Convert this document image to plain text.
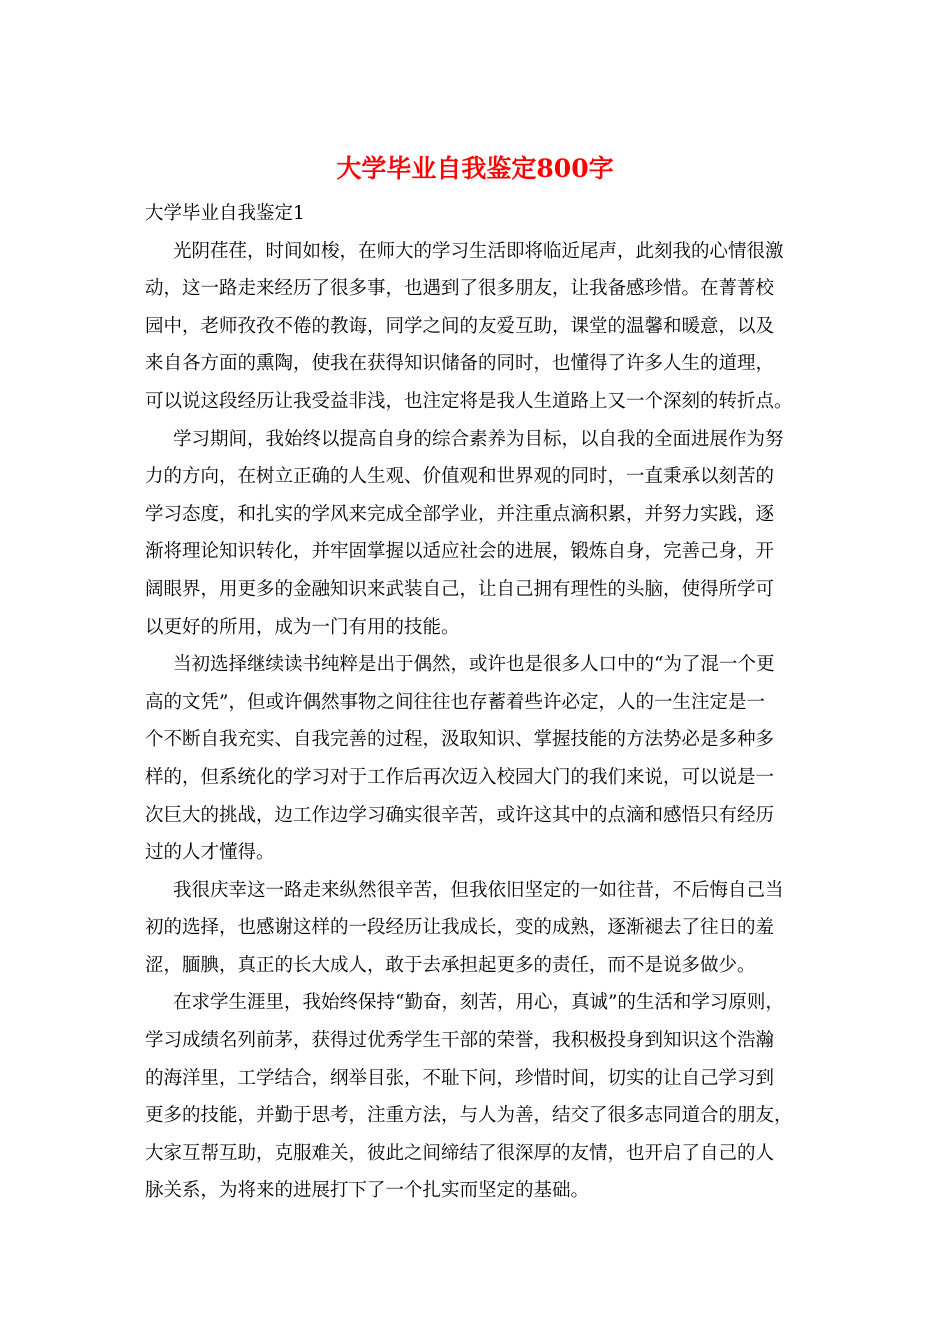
大学毕业自我鉴定800字
大学毕业自我鉴定1
光阴荏荏，时间如梭，在师大的学习生活即将临近尾声，此刻我的心情很激
动，这一路走来经历了很多事，也遇到了很多朋友，让我备感珍惜。在菁菁校
园中，老师孜孜不倦的教诲，同学之间的友爱互助，课堂的温馨和暖意，以及
来自各方面的熏陶，使我在获得知识储备的同时，也懂得了许多人生的道理，
可以说这段经历让我受益非浅，也注定将是我人生道路上又一个深刻的转折点。
学习期间，我始终以提高自身的综合素养为目标，以自我的全面进展作为努
力的方向，在树立正确的人生观、价值观和世界观的同时，一直秉承以刻苦的
学习态度，和扎实的学风来完成全部学业，并注重点滴积累，并努力实践，逐
渐将理论知识转化，并牢固掌握以适应社会的进展，锻炼自身，完善己身，开
阔眼界，用更多的金融知识来武装自己，让自己拥有理性的头脑，使得所学可
以更好的所用，成为一门有用的技能。
当初选择继续读书纯粹是出于偶然，或许也是很多人口中的“为了混一个更
高的文凭”，但或许偶然事物之间往往也存蓄着些许必定，人的一生注定是一
个不断自我充实、自我完善的过程，汲取知识、掌握技能的方法势必是多种多
样的，但系统化的学习对于工作后再次迈入校园大门的我们来说，可以说是一
次巨大的挑战，边工作边学习确实很辛苦，或许这其中的点滴和感悟只有经历
过的人才懂得。
我很庆幸这一路走来纵然很辛苦，但我依旧坚定的一如往昔，不后悔自己当
初的选择，也感谢这样的一段经历让我成长，变的成熟，逐渐褪去了往日的羞
涩，腼腆，真正的长大成人，敢于去承担起更多的责任，而不是说多做少。
在求学生涯里，我始终保持“勤奋，刻苦，用心，真诚”的生活和学习原则，
学习成绩名列前茅，获得过优秀学生干部的荣誉，我积极投身到知识这个浩瀚
的海洋里，工学结合，纲举目张，不耻下问，珍惜时间，切实的让自己学习到
更多的技能，并勤于思考，注重方法，与人为善，结交了很多志同道合的朋友，
大家互帮互助，克服难关，彼此之间缔结了很深厚的友情，也开启了自己的人
脉关系，为将来的进展打下了一个扎实而坚定的基础。
